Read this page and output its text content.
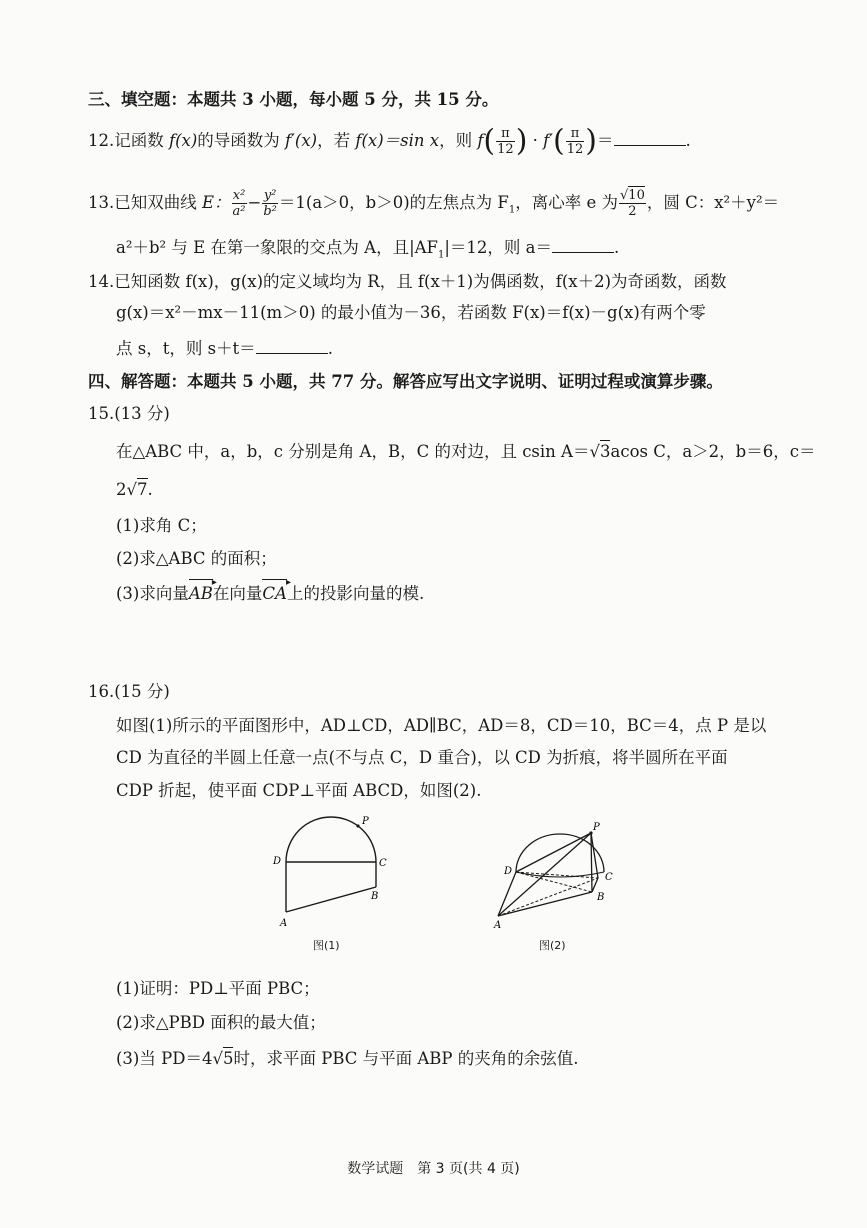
三、填空题：本题共 3 小题，每小题 5 分，共 15 分。
12.记函数 f(x)的导函数为 f′(x)，若 f(x)＝sin x，则 $f( \frac{\pi}{12}$ ) · $f'( \frac{\pi}{12}$ )＝	.
13.已知双曲线 E： $\frac{\text{x²}}{\text{a²}} - \frac{\text{y²}}{\text{b²}} =1(a>0$，b＞0)的左焦点为 $F_1$，离心率 e 为 $\frac{√10}{2}$ ，圆 C：x²＋y²＝
a²＋b² 与 E 在第一象限的交点为 A，且$|AF_1|=12$，则 a＝	.
14.已知函数 f(x)，g(x)的定义域均为 R，且 f(x＋1)为偶函数，f(x＋2)为奇函数，函数
g(x)＝x²－mx－11(m＞0) 的最小值为－36，若函数 F(x)＝f(x)－g(x)有两个零
点 s，t，则 s＋t＝	.
四、解答题：本题共 5 小题，共 77 分。解答应写出文字说明、证明过程或演算步骤。
15.(13 分)
在△ABC 中，a，b，c 分别是角 A，B，C 的对边，且 csin A＝√3acos C，a＞2，b＝6，c＝
2√7.
(1)求角 C；
(2)求△ABC 的面积；
(3)求向量AB ▸在向量CA ▸上的投影向量的模.
16.(15 分)
如图(1)所示的平面图形中，AD⊥CD，AD∥BC，AD＝8，CD＝10，BC＝4，点 P 是以
CD 为直径的半圆上任意一点(不与点 C，D 重合)，以 CD 为折痕，将半圆所在平面
CDP 折起，使平面 CDP⊥平面 ABCD，如图(2).
P
D	C
B
A
图(1)
P
D
C
B
A
图(2)
(1)证明：PD⊥平面 PBC；
(2)求△PBD 面积的最大值；
(3)当 PD＝4√5时，求平面 PBC 与平面 ABP 的夹角的余弦值.
数学试题　第 3 页(共 4 页)
